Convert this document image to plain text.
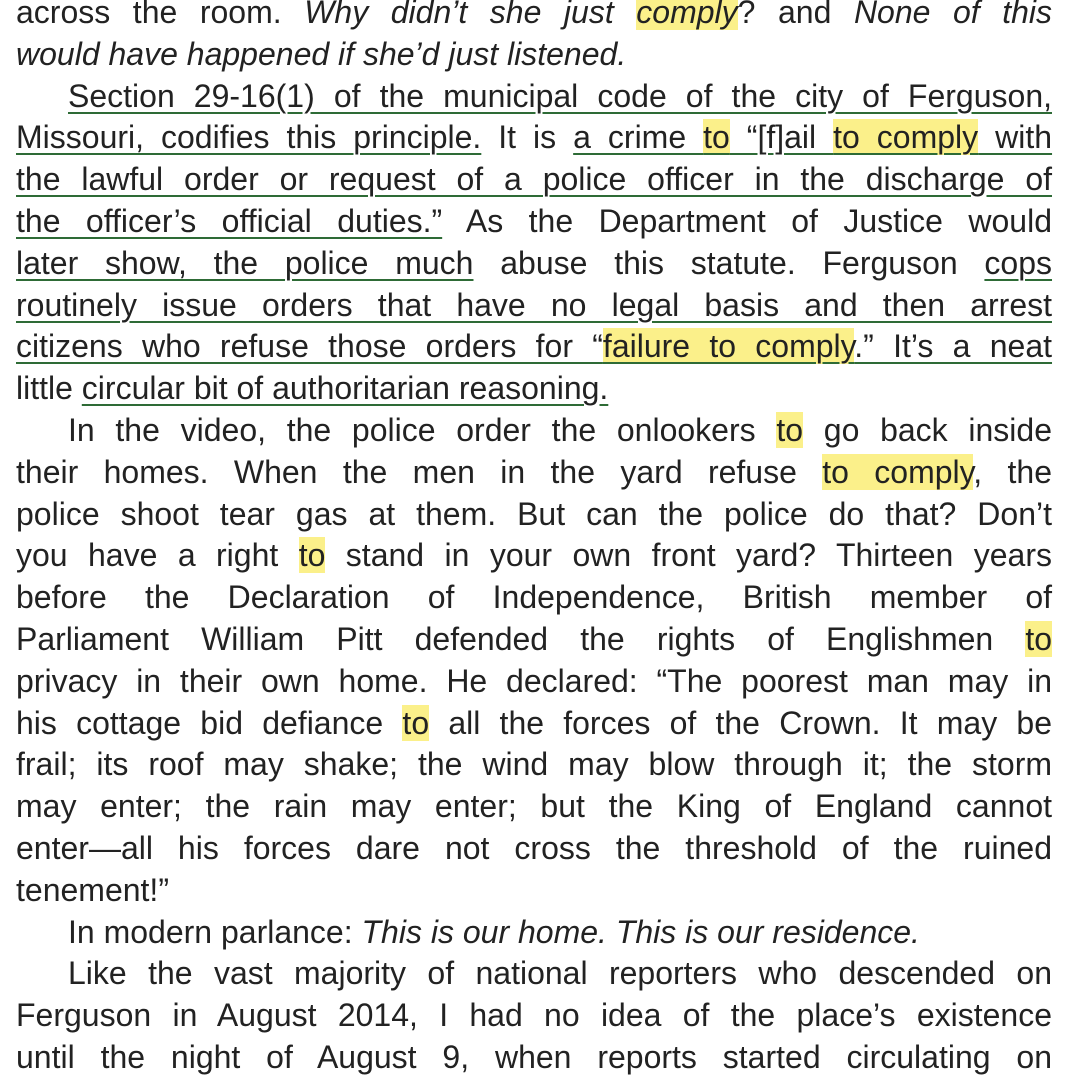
across the room. Why didn’t she just comply? and None of this
would have happened if she’d just listened.
Section 29-16(1) of the municipal code of the city of Ferguson,
Missouri, codifies this principle. It is a crime to “[f]ail to comply with
the lawful order or request of a police officer in the discharge of
the officer’s official duties.” As the Department of Justice would
later show, the police much abuse this statute. Ferguson cops
routinely issue orders that have no legal basis and then arrest
citizens who refuse those orders for “failure to comply.” It’s a neat
little circular bit of authoritarian reasoning.
In the video, the police order the onlookers to go back inside
their homes. When the men in the yard refuse to comply, the
police shoot tear gas at them. But can the police do that? Don’t
you have a right to stand in your own front yard? Thirteen years
before the Declaration of Independence, British member of
Parliament William Pitt defended the rights of Englishmen to
privacy in their own home. He declared: “The poorest man may in
his cottage bid defiance to all the forces of the Crown. It may be
frail; its roof may shake; the wind may blow through it; the storm
may enter; the rain may enter; but the King of England cannot
enter—all his forces dare not cross the threshold of the ruined
tenement!”
In modern parlance: This is our home. This is our residence.
Like the vast majority of national reporters who descended on
Ferguson in August 2014, I had no idea of the place’s existence
until the night of August 9, when reports started circulating on
